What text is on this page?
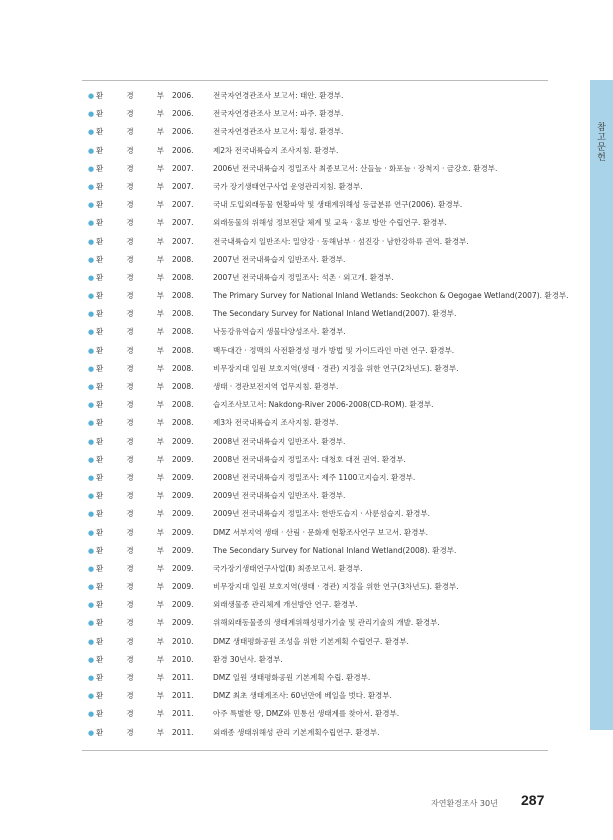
참고문헌
● 환	경	부 2006.	전국자연경관조사 보고서: 태안. 환경부.
● 환	경	부 2006.	전국자연경관조사 보고서: 파주. 환경부.
● 환	경	부 2006.	전국자연경관조사 보고서: 횡성. 환경부.
● 환	경	부 2006.	제2차 전국내륙습지 조사지침. 환경부.
● 환	경	부 2007.	2006년 전국내륙습지 정밀조사 최종보고서: 산들늪 · 화포늪 · 장척지 · 금강호. 환경부.
● 환	경	부 2007.	국가 장기생태연구사업 운영관리지침. 환경부.
● 환	경	부 2007.	국내 도입외래동물 현황파악 및 생태계위해성 등급분류 연구(2006). 환경부.
● 환	경	부 2007.	외래동물의 위해성 정보전달 체계 및 교육 · 홍보 방안 수립연구. 환경부.
● 환	경	부 2007.	전국내륙습지 일반조사: 밀양강 · 동해남부 · 섬진강 · 남한강하류 권역. 환경부.
● 환	경	부 2008.	2007년 전국내륙습지 일반조사. 환경부.
● 환	경	부 2008.	2007년 전국내륙습지 정밀조사: 석촌 · 외고개. 환경부.
● 환	경	부 2008.	The Primary Survey for National Inland Wetlands: Seokchon & Oegogae Wetland(2007). 환경부.
● 환	경	부 2008.	The Secondary Survey for National Inland Wetland(2007). 환경부.
● 환	경	부 2008.	낙동강유역습지 생물다양성조사. 환경부.
● 환	경	부 2008.	백두대간 · 정맥의 사전환경성 평가 방법 및 가이드라인 마련 연구. 환경부.
● 환	경	부 2008.	비무장지대 일원 보호지역(생태 · 경관) 지정을 위한 연구(2차년도). 환경부.
● 환	경	부 2008.	생태 · 경관보전지역 업무지침. 환경부.
● 환	경	부 2008.	습지조사보고서: Nakdong-River 2006-2008(CD-ROM). 환경부.
● 환	경	부 2008.	제3차 전국내륙습지 조사지침. 환경부.
● 환	경	부 2009.	2008년 전국내륙습지 일반조사. 환경부.
● 환	경	부 2009.	2008년 전국내륙습지 정밀조사: 대청호 대전 권역. 환경부.
● 환	경	부 2009.	2008년 전국내륙습지 정밀조사: 제주 1100고지습지. 환경부.
● 환	경	부 2009.	2009년 전국내륙습지 일반조사. 환경부.
● 환	경	부 2009.	2009년 전국내륙습지 정밀조사: 한반도습지 · 사룬섬습지. 환경부.
● 환	경	부 2009.	DMZ 서부지역 생태 · 산림 · 문화재 현황조사연구 보고서. 환경부.
● 환	경	부 2009.	The Secondary Survey for National Inland Wetland(2008). 환경부.
● 환	경	부 2009.	국가장기생태연구사업(Ⅱ) 최종보고서. 환경부.
● 환	경	부 2009.	비무장지대 일원 보호지역(생태 · 경관) 지정을 위한 연구(3차년도). 환경부.
● 환	경	부 2009.	외래생물종 관리체계 개선방안 연구. 환경부.
● 환	경	부 2009.	위해외래동물종의 생태계위해성평가기술 및 관리기술의 개발. 환경부.
● 환	경	부 2010.	DMZ 생태평화공원 조성을 위한 기본계획 수립연구. 환경부.
● 환	경	부 2010.	환경 30년사. 환경부.
● 환	경	부 2011.	DMZ 일원 생태평화공원 기본계획 수립. 환경부.
● 환	경	부 2011.	DMZ 최초 생태계조사: 60년만에 베일을 벗다. 환경부.
● 환	경	부 2011.	아주 특별한 땅, DMZ와 민통선 생태계를 찾아서. 환경부.
● 환	경	부 2011.	외래종 생태위해성 관리 기본계획수립연구. 환경부.
자연환경조사 30년 287
